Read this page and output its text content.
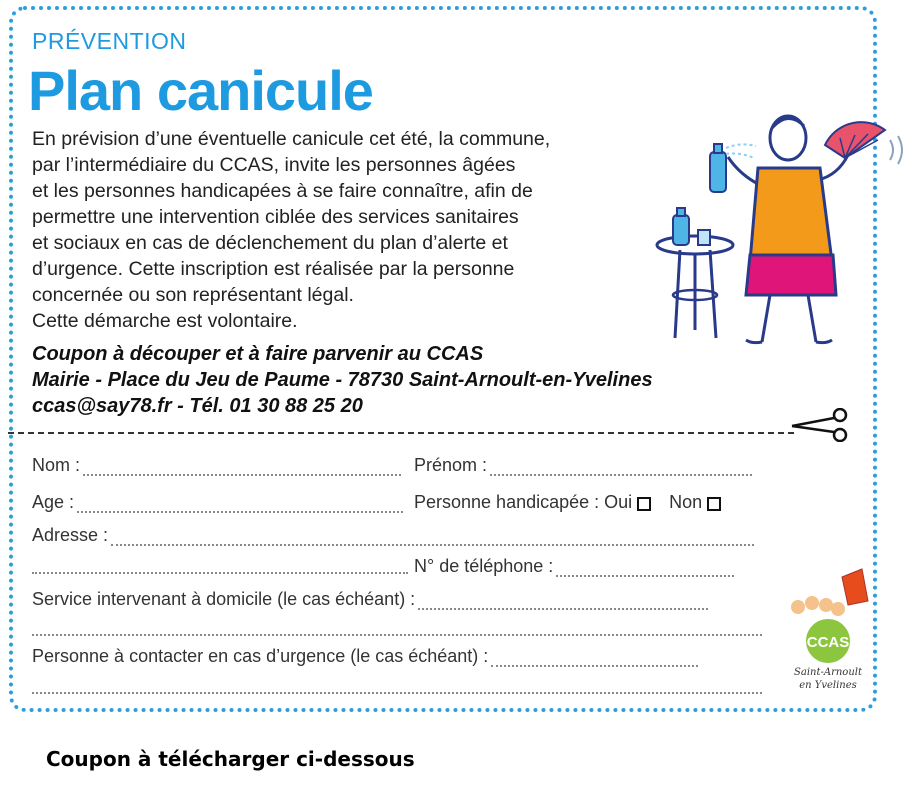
PRÉVENTION
Plan canicule
En prévision d’une éventuelle canicule cet été, la commune,
par l’intermédiaire du CCAS, invite les personnes âgées
et les personnes handicapées à se faire connaître, afin de
permettre une intervention ciblée des services sanitaires
et sociaux en cas de déclenchement du plan d’alerte et
d’urgence. Cette inscription est réalisée par la personne
concernée ou son représentant légal.
Cette démarche est volontaire.
Coupon à découper et à faire parvenir au CCAS
Mairie - Place du Jeu de Paume - 78730 Saint-Arnoult-en-Yvelines
ccas@say78.fr - Tél. 01 30 88 25 20
Nom :	Prénom :
Age :	Personne handicapée : Oui Non
Adresse :
N° de téléphone :
Service intervenant à domicile (le cas échéant) :
Personne à contacter en cas d’urgence (le cas échéant) :
CCAS
Saint-Arnoult
en Yvelines
Coupon à télécharger ci-dessous
